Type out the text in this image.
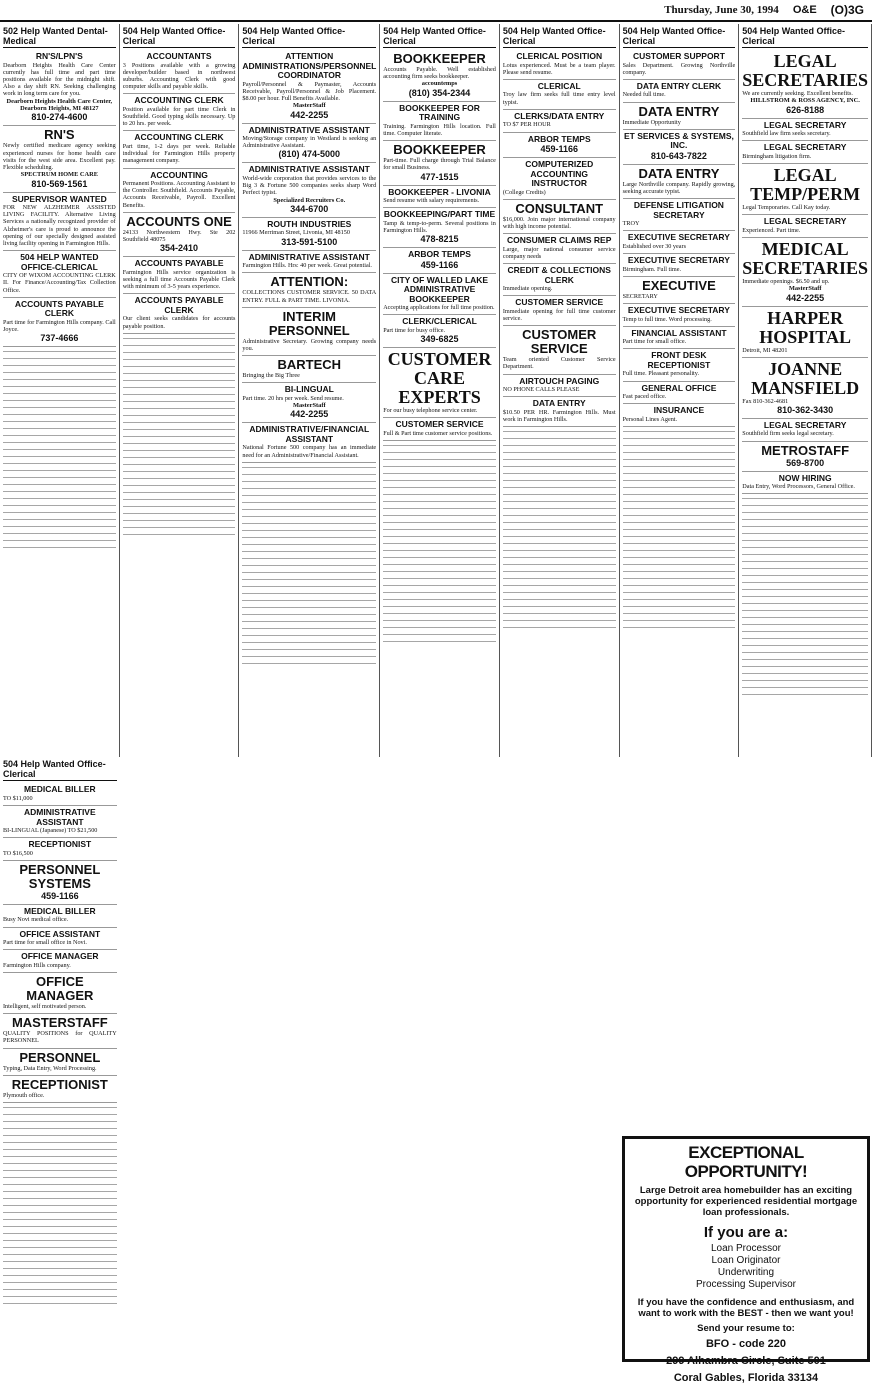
Thursday, June 30, 1994 O&E (O)3G
502 Help Wanted Dental-Medical
RN'S/LPN'S
Dearborn Heights Health Care Center currently has full time and part time positions available for the midnight shift. Also a day shift RN. Seeking challenging work in long term care for you.
Dearborn Heights Health Care Center, Dearborn Heights, MI 48127
810-274-4600
RN'S
Newly certified medicare agency seeking experienced nurses for home health care visits for the west side area. Excellent pay. Flexible scheduling.
SPECTRUM HOME CARE
810-569-1561
SUPERVISOR WANTED
FOR NEW ALZHEIMER ASSISTED LIVING FACILITY. Alternative Living Services a nationally recognized provider of Alzheimer's care is proud to announce the opening of our specially designed assisted living facility opening in Farmington Hills.
504 HELP WANTED OFFICE-CLERICAL
CITY OF WIXOM ACCOUNTING CLERK II. For Finance/Accounting/Tax Collection Office.
ACCOUNTS PAYABLE CLERK
Part time for Farmington Hills company. Call Joyce.
737-4666
504 Help Wanted Office-Clerical
ACCOUNTANTS
3 Positions available with a growing developer/builder based in northwest suburbs. Accounting Clerk with good computer skills and payable skills.
ACCOUNTING CLERK
Position available for part time Clerk in Southfield. Good typing skills necessary. Up to 20 hrs. per week.
ACCOUNTING CLERK
Part time, 1-2 days per week. Reliable individual for Farmington Hills property management company.
ACCOUNTING
Permanent Positions. Accounting Assistant to the Controller. Southfield. Accounts Payable, Accounts Receivable, Payroll. Excellent Benefits.
ACCOUNTS ONE
24133 Northwestern Hwy. Ste 202 Southfield 48075
354-2410
ACCOUNTS PAYABLE
Farmington Hills service organization is seeking a full time Accounts Payable Clerk with minimum of 3-5 years experience.
ACCOUNTS PAYABLE CLERK
Our client seeks candidates for accounts payable position.
504 Help Wanted Office-Clerical
ATTENTION ADMINISTRATIONS/PERSONNEL COORDINATOR
Payroll/Personnel & Paymaster, Accounts Receivable, Payroll/Personnel & Job Placement. $8.00 per hour. Full Benefits Available.
MasterStaff
442-2255
ADMINISTRATIVE ASSISTANT
Moving/Storage company in Westland is seeking an Administrative Assistant.
(810) 474-5000
ADMINISTRATIVE ASSISTANT
World-wide corporation that provides services to the Big 3 & Fortune 500 companies seeks sharp Word Perfect typist.
Specialized Recruiters Co.
344-6700
ROUTH INDUSTRIES
11966 Merriman Street, Livonia, MI 48150
313-591-5100
ADMINISTRATIVE ASSISTANT
Farmington Hills. Hrs: 40 per week. Great potential.
ATTENTION:
COLLECTIONS CUSTOMER SERVICE. 50 DATA ENTRY. FULL & PART TIME. LIVONIA.
INTERIM PERSONNEL
Administrative Secretary. Growing company needs you.
BARTECH
Bringing the Big Three
BI-LINGUAL
Part time. 20 hrs per week. Send resume.
MasterStaff
442-2255
ADMINISTRATIVE/FINANCIAL ASSISTANT
National Fortune 500 company has an immediate need for an Administrative/Financial Assistant.
504 Help Wanted Office-Clerical
BOOKKEEPER
Accounts Payable. Well established accounting firm seeks bookkeeper.
accountemps
(810) 354-2344
BOOKKEEPER FOR TRAINING
Training. Farmington Hills location. Full time. Computer literate.
BOOKKEEPER
Part-time. Full charge through Trial Balance for small Business.
477-1515
BOOKKEEPER - LIVONIA
Send resume with salary requirements.
BOOKKEEPING/PART TIME
Tamp & temp-to-perm. Several positions in Farmington Hills.
478-8215
ARBOR TEMPS
459-1166
CITY OF WALLED LAKE ADMINISTRATIVE BOOKKEEPER
Accepting applications for full time position.
CLERK/CLERICAL
Part time for busy office.
349-6825
CUSTOMER CARE EXPERTS
For our busy telephone service center.
CUSTOMER SERVICE
Full & Part time customer service positions.
504 Help Wanted Office-Clerical
CLERICAL POSITION
Lotus experienced. Must be a team player. Please send resume.
CLERICAL
Troy law firm seeks full time entry level typist.
CLERKS/DATA ENTRY
TO $7 PER HOUR
ARBOR TEMPS
459-1166
COMPUTERIZED ACCOUNTING INSTRUCTOR
(College Credits)
CONSULTANT
$16,000. Join major international company with high income potential.
CONSUMER CLAIMS REP
Large, major national consumer service company needs
CREDIT & COLLECTIONS CLERK
Immediate opening.
CUSTOMER SERVICE
Immediate opening for full time customer service.
CUSTOMER SERVICE
Team oriented Customer Service Department.
AIRTOUCH PAGING
NO PHONE CALLS PLEASE
DATA ENTRY
$10.50 PER HR. Farmington Hills. Must work in Farmington Hills.
504 Help Wanted Office-Clerical
CUSTOMER SUPPORT
Sales Department. Growing Northville company.
DATA ENTRY CLERK
Needed full time.
DATA ENTRY
Immediate Opportunity
ET SERVICES & SYSTEMS, INC.
810-643-7822
DATA ENTRY
Large Northville company. Rapidly growing, seeking accurate typist.
DEFENSE LITIGATION SECRETARY
TROY
EXECUTIVE SECRETARY
Established over 30 years
EXECUTIVE SECRETARY
Birmingham. Full time.
EXECUTIVE
SECRETARY
EXECUTIVE SECRETARY
Temp to full time. Word processing.
FINANCIAL ASSISTANT
Part time for small office.
FRONT DESK RECEPTIONIST
Full time. Pleasant personality.
GENERAL OFFICE
Fast paced office.
INSURANCE
Personal Lines Agent.
504 Help Wanted Office-Clerical
LEGAL SECRETARIES
We are currently seeking. Excellent benefits.
HILLSTROM & ROSS AGENCY, INC.
626-8188
LEGAL SECRETARY
Southfield law firm seeks secretary.
LEGAL SECRETARY
Birmingham litigation firm.
LEGAL TEMP/PERM
Legal Temporaries. Call Kay today.
LEGAL SECRETARY
Experienced. Part time.
MEDICAL SECRETARIES
Immediate openings. $6.50 and up.
MasterStaff
442-2255
HARPER HOSPITAL
Detroit, MI 48201
JOANNE MANSFIELD
Fax 810-362-4681
810-362-3430
LEGAL SECRETARY
Southfield firm seeks legal secretary.
METROSTAFF
569-8700
NOW HIRING
Data Entry, Word Processors, General Office.
504 Help Wanted Office-Clerical
MEDICAL BILLER
TO $11,000
ADMINISTRATIVE ASSISTANT
BI-LINGUAL (Japanese) TO $21,500
RECEPTIONIST
TO $16,500
PERSONNEL SYSTEMS
459-1166
MEDICAL BILLER
Busy Novi medical office.
OFFICE ASSISTANT
Part time for small office in Novi.
OFFICE MANAGER
Farmington Hills company.
OFFICE MANAGER
Intelligent, self motivated person.
MASTERSTAFF
QUALITY POSITIONS for QUALITY PERSONNEL
PERSONNEL
Typing, Data Entry, Word Processing.
RECEPTIONIST
Plymouth office.
EXCEPTIONAL OPPORTUNITY!
Large Detroit area homebuilder has an exciting opportunity for experienced residential mortgage loan professionals.
If you are a:
Loan Processor
Loan Originator
Underwriting
Processing Supervisor
If you have the confidence and enthusiasm, and want to work with the BEST - then we want you!
Send your resume to:
BFO - code 220
299 Alhambra Circle, Suite 501
Coral Gables, Florida 33134
